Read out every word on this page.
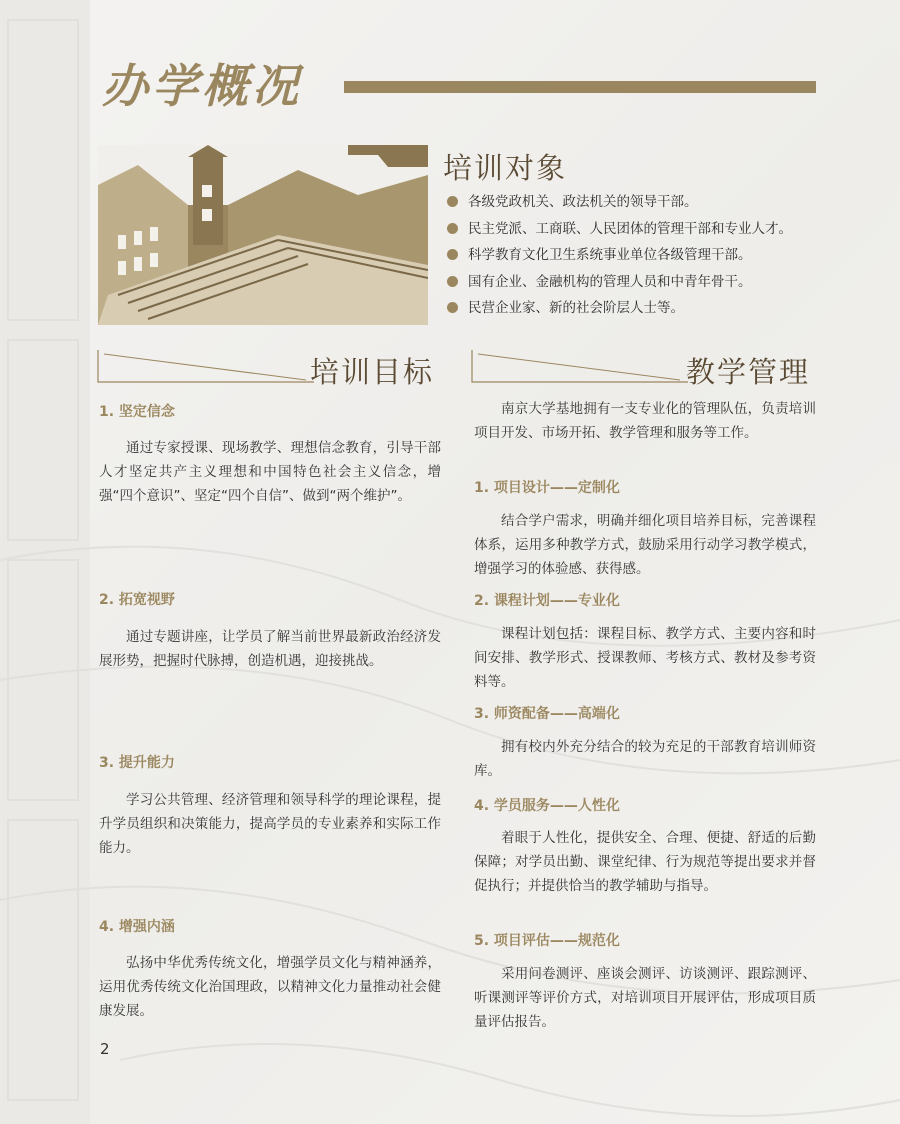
办学概况
培训对象
各级党政机关、政法机关的领导干部。
民主党派、工商联、人民团体的管理干部和专业人才。
科学教育文化卫生系统事业单位各级管理干部。
国有企业、金融机构的管理人员和中青年骨干。
民营企业家、新的社会阶层人士等。
培训目标	教学管理
1. 坚定信念

通过专家授课、现场教学、理想信念教育，引导干部人才坚定共产主义理想和中国特色社会主义信念，增强“四个意识”、坚定“四个自信”、做到“两个维护”。

2. 拓宽视野

通过专题讲座，让学员了解当前世界最新政治经济发展形势，把握时代脉搏，创造机遇，迎接挑战。

3. 提升能力

学习公共管理、经济管理和领导科学的理论课程，提升学员组织和决策能力，提高学员的专业素养和实际工作能力。

4. 增强内涵

弘扬中华优秀传统文化，增强学员文化与精神涵养，运用优秀传统文化治国理政，以精神文化力量推动社会健康发展。

南京大学基地拥有一支专业化的管理队伍，负责培训项目开发、市场开拓、教学管理和服务等工作。

1. 项目设计——定制化

结合学户需求，明确并细化项目培养目标，完善课程体系，运用多种教学方式，鼓励采用行动学习教学模式，增强学习的体验感、获得感。

2. 课程计划——专业化

课程计划包括：课程目标、教学方式、主要内容和时间安排、教学形式、授课教师、考核方式、教材及参考资料等。

3. 师资配备——高端化

拥有校内外充分结合的较为充足的干部教育培训师资库。

4. 学员服务——人性化

着眼于人性化，提供安全、合理、便捷、舒适的后勤保障；对学员出勤、课堂纪律、行为规范等提出要求并督促执行；并提供恰当的教学辅助与指导。

5. 项目评估——规范化

采用问卷测评、座谈会测评、访谈测评、跟踪测评、听课测评等评价方式，对培训项目开展评估，形成项目质量评估报告。

2
